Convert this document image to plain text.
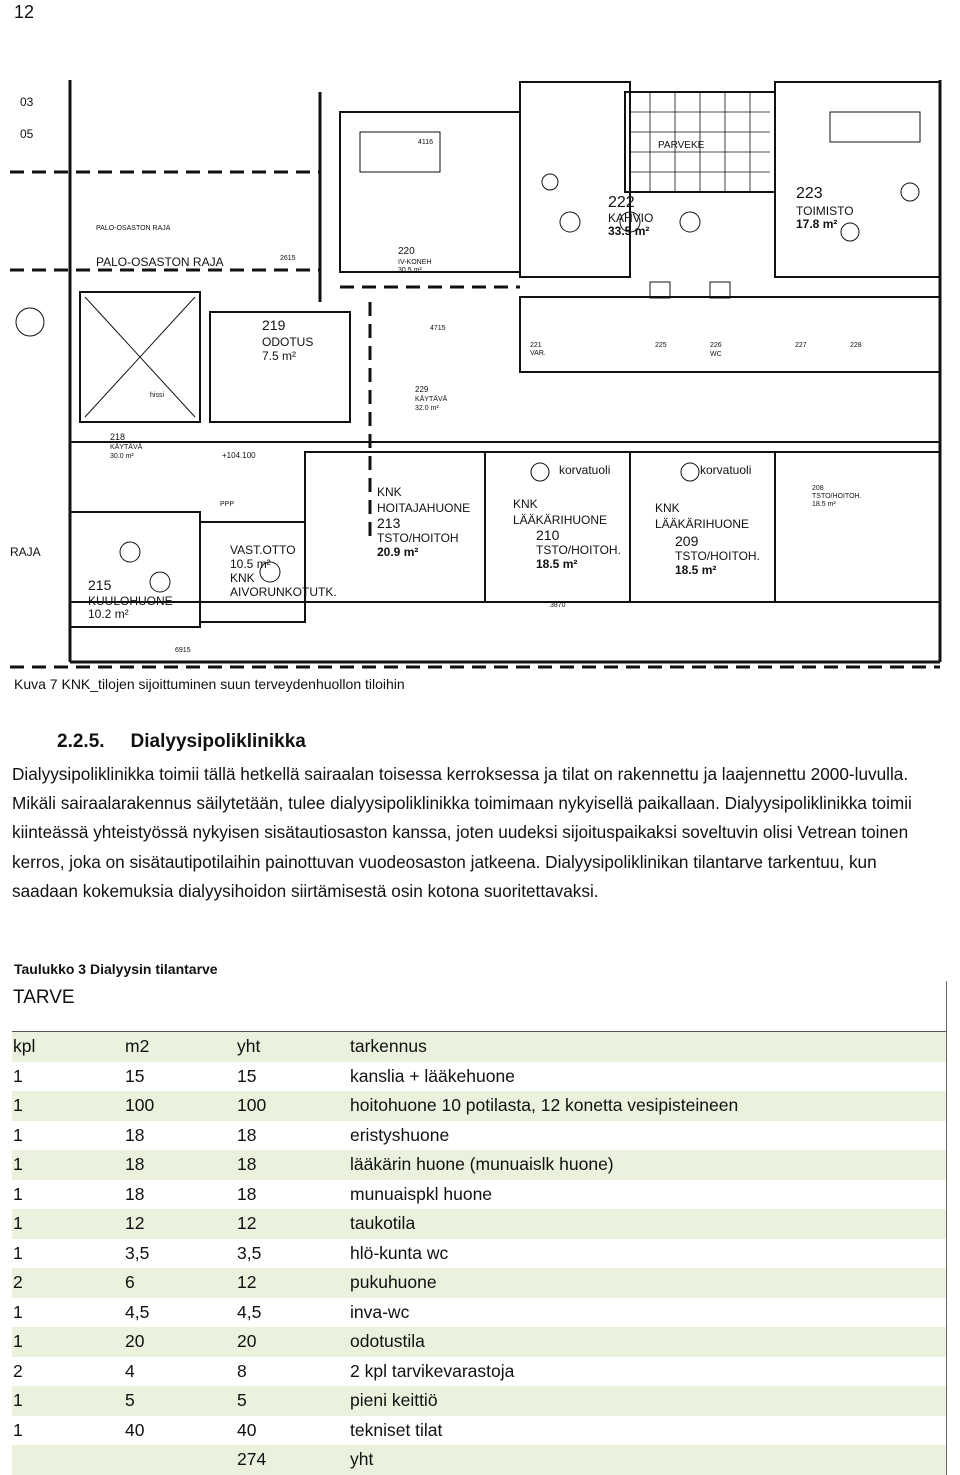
12
03
05
PARVEKE
222
KAHVIO
33.5 m²
223
TOIMISTO
17.8 m²
220
IV-KONEH
30.5 m²
PALO-OSASTON RAJA
PALO-OSASTON RAJA
219
ODOTUS
7.5 m²
229
KÄYTÄVÄ
32.0 m²
hissi
218
KÄYTÄVÄ
30.0 m²	+104.100
PPP
korvatuoli	korvatuoli
208
TSTO/HOITOH.
18.5 m²
KNK
HOITAJAHUONE
213
TSTO/HOITOH
20.9 m²
KNK
LÄÄKÄRIHUONE
210
TSTO/HOITOH.
18.5 m²
KNK
LÄÄKÄRIHUONE
209
TSTO/HOITOH.
18.5 m²
VAST.OTTO
10.5 m²
KNK
AIVORUNKOTUTK.
RAJA
215
KUULOHUONE
10.2 m²
221
VAR.
225	226	227	228
WC
4116
4715
6915
3870
2615
Kuva 7 KNK_tilojen sijoittuminen suun terveydenhuollon tiloihin
2.2.5. Dialyysipoliklinikka

Dialyysipoliklinikka toimii tällä hetkellä sairaalan toisessa kerroksessa ja tilat on rakennettu ja laajennettu 2000-luvulla. Mikäli sairaalarakennus säilytetään, tulee dialyysipoliklinikka toimimaan nykyisellä paikallaan. Dialyysipoliklinikka toimii kiinteässä yhteistyössä nykyisen sisätautiosaston kanssa, joten uudeksi sijoituspaikaksi soveltuvin olisi Vetrean toinen kerros, joka on sisätautipotilaihin painottuvan vuodeosaston jatkeena. Dialyysipoliklinikan tilantarve tarkentuu, kun saadaan kokemuksia dialyysihoidon siirtämisestä osin kotona suoritettavaksi.

Taulukko 3 Dialyysin tilantarve
TARVE			
kpl	m2	yht	tarkennus
1	15	15	kanslia + lääkehuone
1	100	100	hoitohuone 10 potilasta, 12 konetta vesipisteineen
1	18	18	eristyshuone
1	18	18	lääkärin huone (munuaislk huone)
1	18	18	munuaispkl huone
1	12	12	taukotila
1	3,5	3,5	hlö-kunta wc
2	6	12	pukuhuone
1	4,5	4,5	inva-wc
1	20	20	odotustila
2	4	8	2 kpl tarvikevarastoja
1	5	5	pieni keittiö
1	40	40	tekniset tilat
		274	yht
